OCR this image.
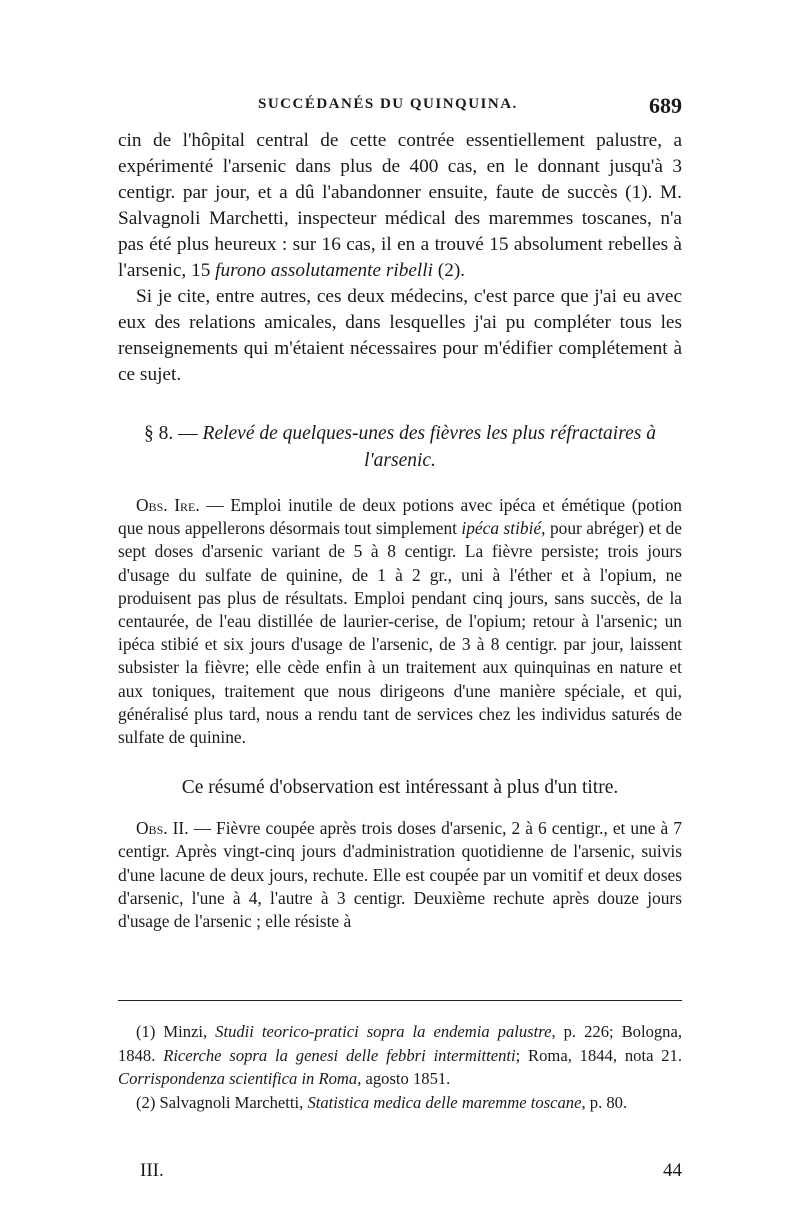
SUCCÉDANÉS DU QUINQUINA.	689

cin de l'hôpital central de cette contrée essentiellement palustre, a expérimenté l'arsenic dans plus de 400 cas, en le donnant jusqu'à 3 centigr. par jour, et a dû l'abandonner ensuite, faute de succès (1). M. Salvagnoli Marchetti, inspecteur médical des maremmes toscanes, n'a pas été plus heureux : sur 16 cas, il en a trouvé 15 absolument rebelles à l'arsenic, 15 furono assolutamente ribelli (2).

Si je cite, entre autres, ces deux médecins, c'est parce que j'ai eu avec eux des relations amicales, dans lesquelles j'ai pu compléter tous les renseignements qui m'étaient nécessaires pour m'édifier complétement à ce sujet.

§ 8. — Relevé de quelques-unes des fièvres les plus réfractaires à l'arsenic.

Obs. Ire. — Emploi inutile de deux potions avec ipéca et émétique (potion que nous appellerons désormais tout simplement ipéca stibié, pour abréger) et de sept doses d'arsenic variant de 5 à 8 centigr. La fièvre persiste; trois jours d'usage du sulfate de quinine, de 1 à 2 gr., uni à l'éther et à l'opium, ne produisent pas plus de résultats. Emploi pendant cinq jours, sans succès, de la centaurée, de l'eau distillée de laurier-cerise, de l'opium; retour à l'arsenic; un ipéca stibié et six jours d'usage de l'arsenic, de 3 à 8 centigr. par jour, laissent subsister la fièvre; elle cède enfin à un traitement aux quinquinas en nature et aux toniques, traitement que nous dirigeons d'une manière spéciale, et qui, généralisé plus tard, nous a rendu tant de services chez les individus saturés de sulfate de quinine.

Ce résumé d'observation est intéressant à plus d'un titre.

Obs. II. — Fièvre coupée après trois doses d'arsenic, 2 à 6 centigr., et une à 7 centigr. Après vingt-cinq jours d'administration quotidienne de l'arsenic, suivis d'une lacune de deux jours, rechute. Elle est coupée par un vomitif et deux doses d'arsenic, l'une à 4, l'autre à 3 centigr. Deuxième rechute après douze jours d'usage de l'arsenic ; elle résiste à

(1) Minzi, Studii teorico-pratici sopra la endemia palustre, p. 226; Bologna, 1848. Ricerche sopra la genesi delle febbri intermittenti; Roma, 1844, nota 21. Corrispondenza scientifica in Roma, agosto 1851.

(2) Salvagnoli Marchetti, Statistica medica delle maremme toscane, p. 80.

III.	44
